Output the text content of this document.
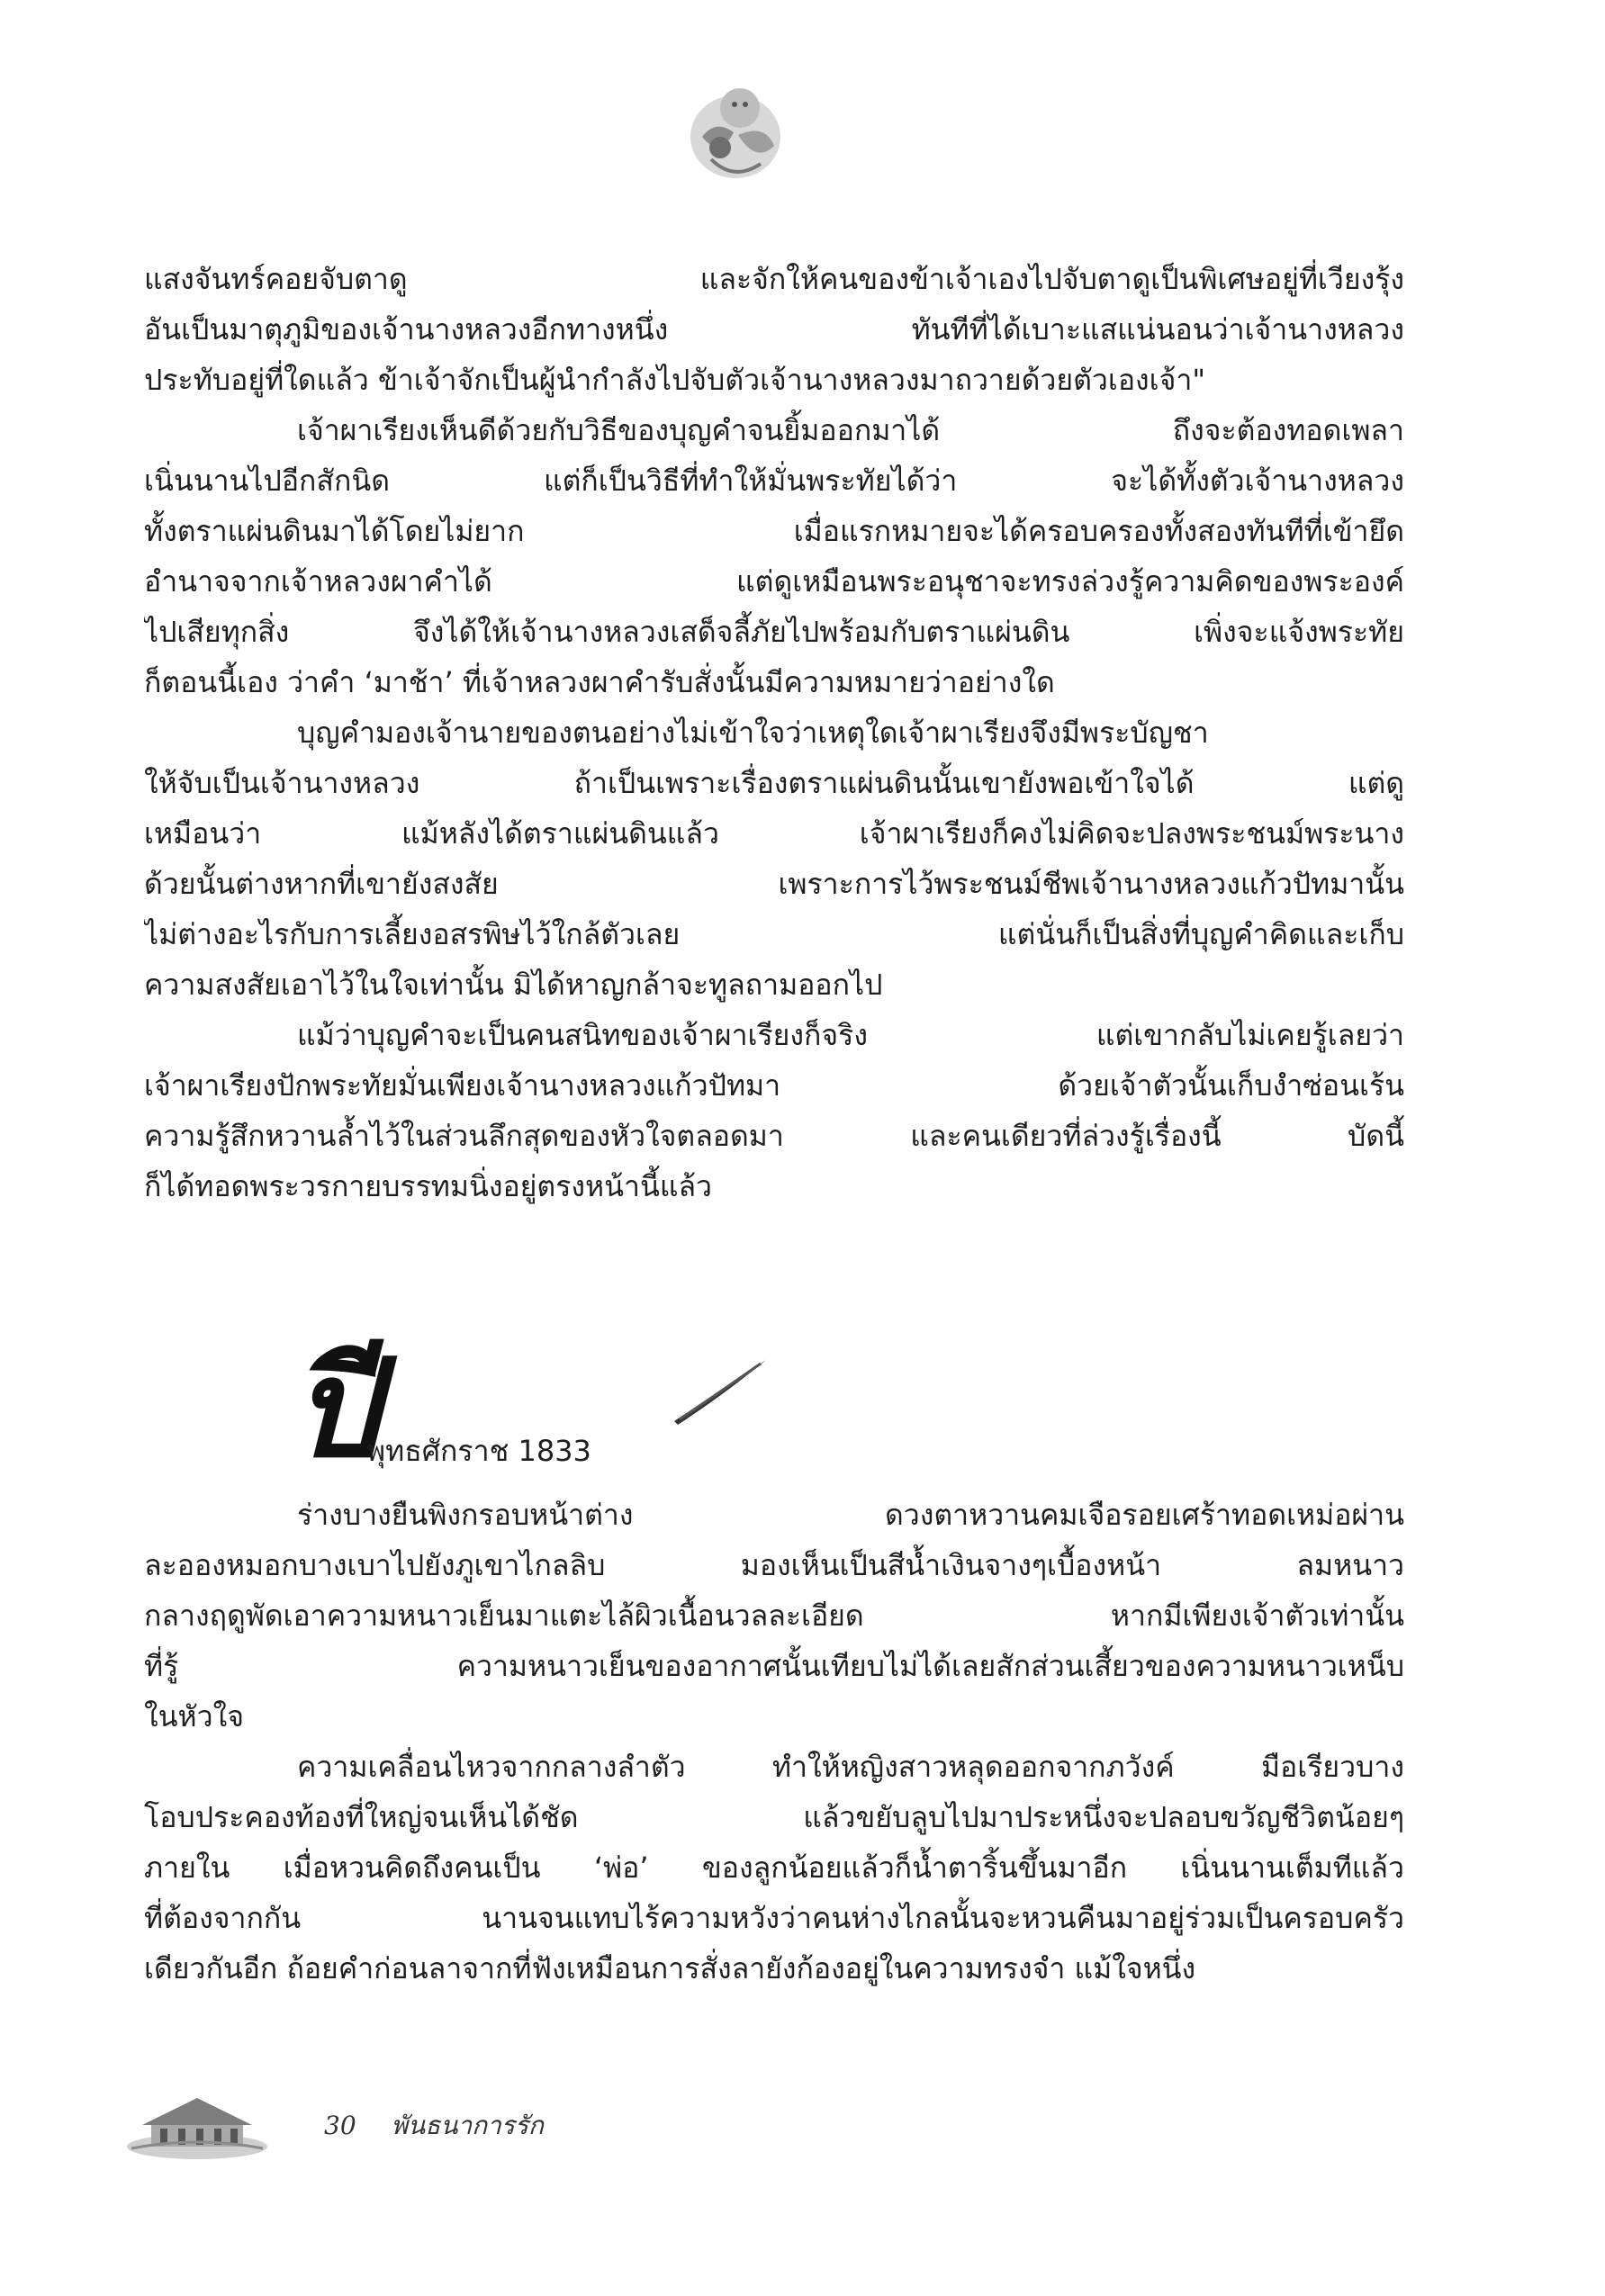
แสงจันทร์คอยจับตาดู และจักให้คนของข้าเจ้าเองไปจับตาดูเป็นพิเศษอยู่ที่เวียงรุ้ง
อันเป็นมาตุภูมิของเจ้านางหลวงอีกทางหนึ่ง ทันทีที่ได้เบาะแสแน่นอนว่าเจ้านางหลวง
ประทับอยู่ที่ใดแล้ว ข้าเจ้าจักเป็นผู้นำกำลังไปจับตัวเจ้านางหลวงมาถวายด้วยตัวเองเจ้า"
เจ้าผาเรียงเห็นดีด้วยกับวิธีของบุญคำจนยิ้มออกมาได้ ถึงจะต้องทอดเพลา
เนิ่นนานไปอีกสักนิด แต่ก็เป็นวิธีที่ทำให้มั่นพระทัยได้ว่า จะได้ทั้งตัวเจ้านางหลวง
ทั้งตราแผ่นดินมาได้โดยไม่ยาก เมื่อแรกหมายจะได้ครอบครองทั้งสองทันทีที่เข้ายึด
อำนาจจากเจ้าหลวงผาคำได้ แต่ดูเหมือนพระอนุชาจะทรงล่วงรู้ความคิดของพระองค์
ไปเสียทุกสิ่ง จึงได้ให้เจ้านางหลวงเสด็จลี้ภัยไปพร้อมกับตราแผ่นดิน เพิ่งจะแจ้งพระทัย
ก็ตอนนี้เอง ว่าคำ ‘มาช้า’ ที่เจ้าหลวงผาคำรับสั่งนั้นมีความหมายว่าอย่างใด
บุญคำมองเจ้านายของตนอย่างไม่เข้าใจว่าเหตุใดเจ้าผาเรียงจึงมีพระบัญชา
ให้จับเป็นเจ้านางหลวง ถ้าเป็นเพราะเรื่องตราแผ่นดินนั้นเขายังพอเข้าใจได้ แต่ดู
เหมือนว่า แม้หลังได้ตราแผ่นดินแล้ว เจ้าผาเรียงก็คงไม่คิดจะปลงพระชนม์พระนาง
ด้วยนั้นต่างหากที่เขายังสงสัย เพราะการไว้พระชนม์ชีพเจ้านางหลวงแก้วปัทมานั้น
ไม่ต่างอะไรกับการเลี้ยงอสรพิษไว้ใกล้ตัวเลย แต่นั่นก็เป็นสิ่งที่บุญคำคิดและเก็บ
ความสงสัยเอาไว้ในใจเท่านั้น มิได้หาญกล้าจะทูลถามออกไป
แม้ว่าบุญคำจะเป็นคนสนิทของเจ้าผาเรียงก็จริง แต่เขากลับไม่เคยรู้เลยว่า
เจ้าผาเรียงปักพระทัยมั่นเพียงเจ้านางหลวงแก้วปัทมา ด้วยเจ้าตัวนั้นเก็บงำซ่อนเร้น
ความรู้สึกหวานล้ำไว้ในส่วนลึกสุดของหัวใจตลอดมา และคนเดียวที่ล่วงรู้เรื่องนี้ บัดนี้
ก็ได้ทอดพระวรกายบรรทมนิ่งอยู่ตรงหน้านี้แล้ว
ปี
พุทธศักราช 1833
ร่างบางยืนพิงกรอบหน้าต่าง ดวงตาหวานคมเจือรอยเศร้าทอดเหม่อผ่าน
ละอองหมอกบางเบาไปยังภูเขาไกลลิบ มองเห็นเป็นสีน้ำเงินจางๆเบื้องหน้า ลมหนาว
กลางฤดูพัดเอาความหนาวเย็นมาแตะไล้ผิวเนื้อนวลละเอียด หากมีเพียงเจ้าตัวเท่านั้น
ที่รู้ ความหนาวเย็นของอากาศนั้นเทียบไม่ได้เลยสักส่วนเสี้ยวของความหนาวเหน็บ
ในหัวใจ
ความเคลื่อนไหวจากกลางลำตัว ทำให้หญิงสาวหลุดออกจากภวังค์ มือเรียวบาง
โอบประคองท้องที่ใหญ่จนเห็นได้ชัด แล้วขยับลูบไปมาประหนึ่งจะปลอบขวัญชีวิตน้อยๆ
ภายใน เมื่อหวนคิดถึงคนเป็น ‘พ่อ’ ของลูกน้อยแล้วก็น้ำตาริ้นขึ้นมาอีก เนิ่นนานเต็มทีแล้ว
ที่ต้องจากกัน นานจนแทบไร้ความหวังว่าคนห่างไกลนั้นจะหวนคืนมาอยู่ร่วมเป็นครอบครัว
เดียวกันอีก ถ้อยคำก่อนลาจากที่ฟังเหมือนการสั่งลายังก้องอยู่ในความทรงจำ แม้ใจหนึ่ง
30 พันธนาการรัก
